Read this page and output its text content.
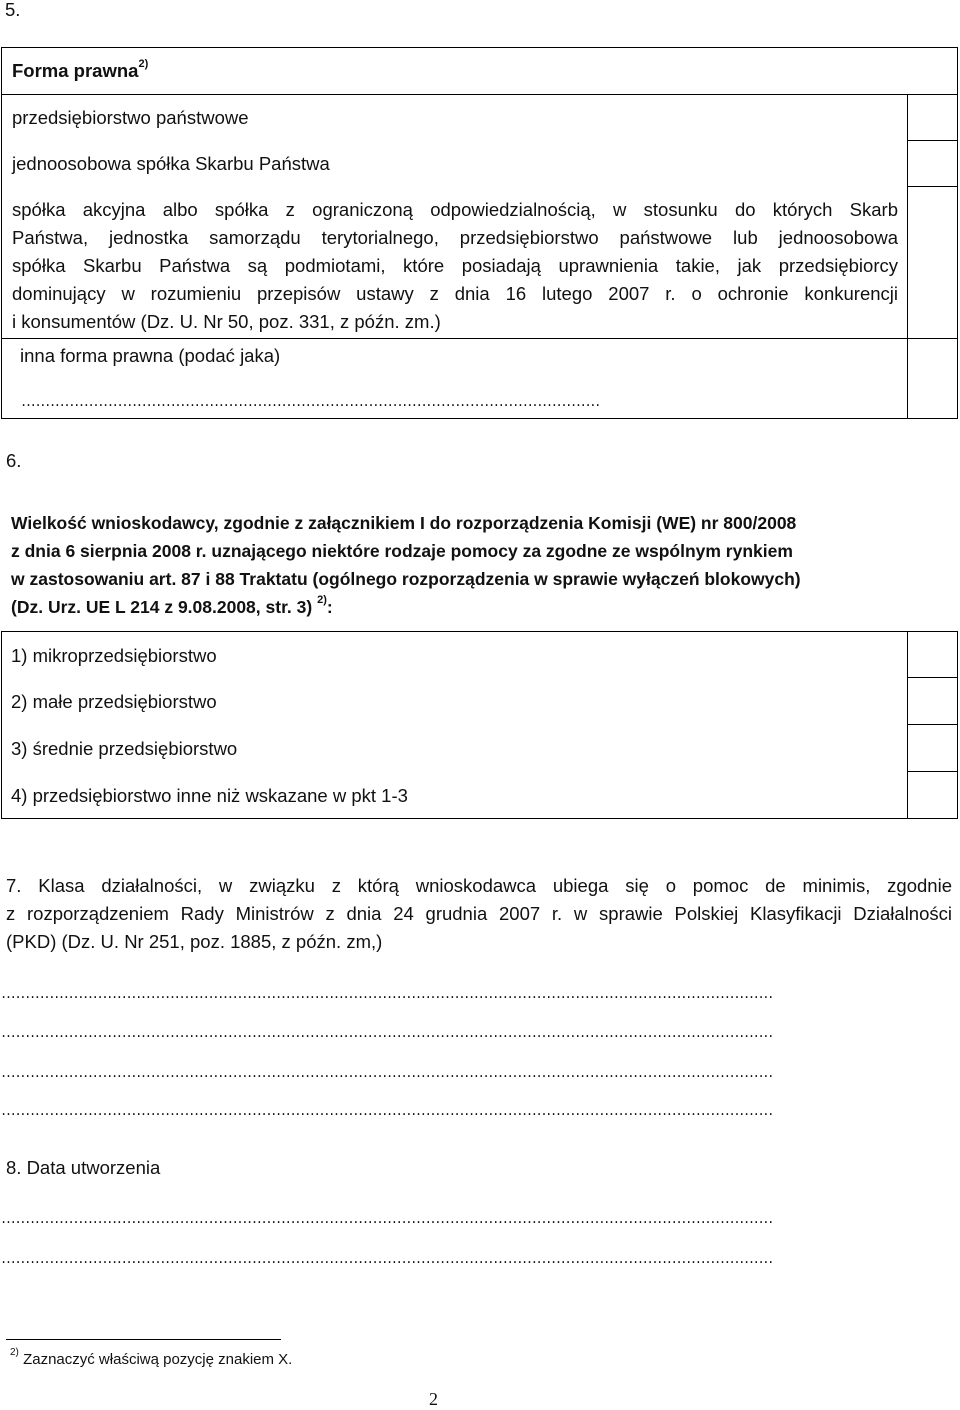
5.
Forma prawna$^{2)}$
przedsiębiorstwo państwowe
jednoosobowa spółka Skarbu Państwa
spółka akcyjna albo spółka z ograniczoną odpowiedzialnością, w stosunku do których Skarb
Państwa, jednostka samorządu terytorialnego, przedsiębiorstwo państwowe lub jednoosobowa
spółka Skarbu Państwa są podmiotami, które posiadają uprawnienia takie, jak przedsiębiorcy
dominujący w rozumieniu przepisów ustawy z dnia 16 lutego 2007 r. o ochronie konkurencji
i konsumentów (Dz. U. Nr 50, poz. 331, z późn. zm.)
inna forma prawna (podać jaka)
........................................................................................................................
6.
Wielkość wnioskodawcy, zgodnie z załącznikiem I do rozporządzenia Komisji (WE) nr 800/2008
z dnia 6 sierpnia 2008 r. uznającego niektóre rodzaje pomocy za zgodne ze wspólnym rynkiem
w zastosowaniu art. 87 i 88 Traktatu (ogólnego rozporządzenia w sprawie wyłączeń blokowych)
(Dz. Urz. UE L 214 z 9.08.2008, str. 3) $^{2)}$:
1) mikroprzedsiębiorstwo
2) małe przedsiębiorstwo
3) średnie przedsiębiorstwo
4) przedsiębiorstwo inne niż wskazane w pkt 1-3
7. Klasa działalności, w związku z którą wnioskodawca ubiega się o pomoc de minimis, zgodnie
z rozporządzeniem Rady Ministrów z dnia 24 grudnia 2007 r. w sprawie Polskiej Klasyfikacji Działalności
(PKD) (Dz. U. Nr 251, poz. 1885, z późn. zm,)
................................................................................................................................................................
................................................................................................................................................................
................................................................................................................................................................
................................................................................................................................................................
8. Data utworzenia
................................................................................................................................................................
................................................................................................................................................................
$^{2)}$ Zaznaczyć właściwą pozycję znakiem X.
2
